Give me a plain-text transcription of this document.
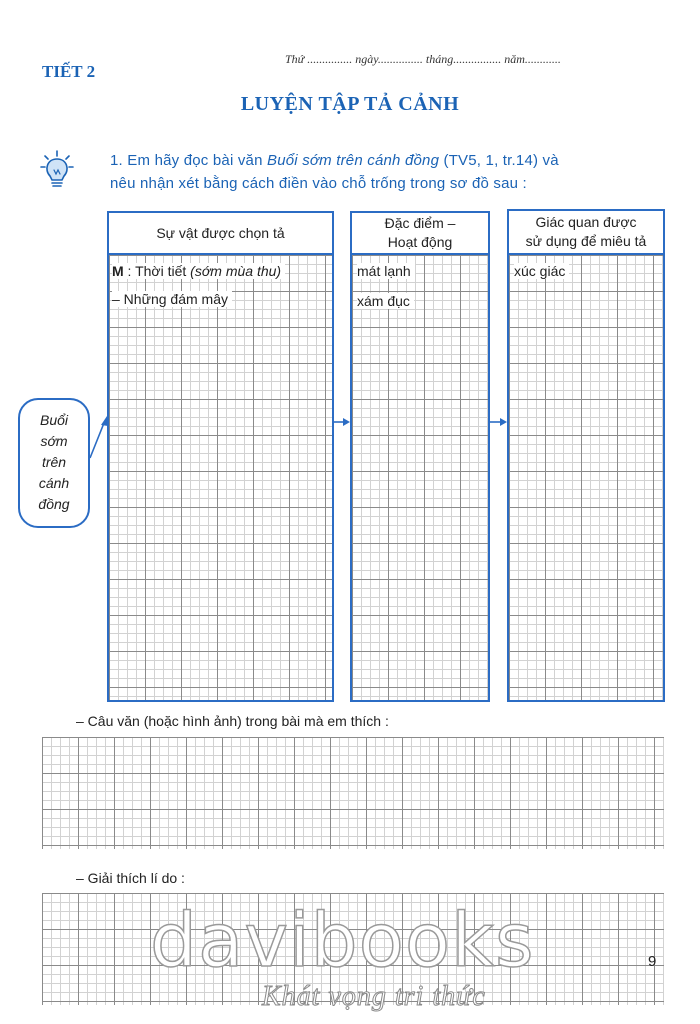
TIẾT 2
Thứ ............... ngày............... tháng................ năm............
LUYỆN TẬP TẢ CẢNH
1. Em hãy đọc bài văn Buổi sớm trên cánh đồng (TV5, 1, tr.14) và
nêu nhận xét bằng cách điền vào chỗ trống trong sơ đồ sau :
Buổi
sớm
trên
cánh
đồng
Sự vật được chọn tả
M : Thời tiết (sớm mùa thu)
– Những đám mây
Đặc điểm –
Hoạt động
mát lạnh
xám đục
Giác quan được
sử dụng để miêu tả
xúc giác
– Câu văn (hoặc hình ảnh) trong bài mà em thích :
– Giải thích lí do :
davibooks
Khát vọng tri thức
9
